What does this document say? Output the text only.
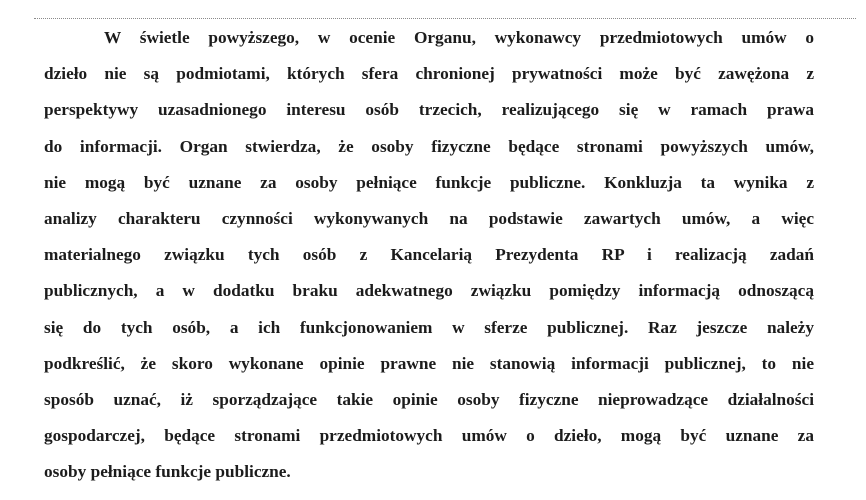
W świetle powyższego, w ocenie Organu, wykonawcy przedmiotowych umów o
dzieło nie są podmiotami, których sfera chronionej prywatności może być zawężona z
perspektywy uzasadnionego interesu osób trzecich, realizującego się w ramach prawa
do informacji. Organ stwierdza, że osoby fizyczne będące stronami powyższych umów,
nie mogą być uznane za osoby pełniące funkcje publiczne. Konkluzja ta wynika z
analizy charakteru czynności wykonywanych na podstawie zawartych umów, a więc
materialnego związku tych osób z Kancelarią Prezydenta RP i realizacją zadań
publicznych, a w dodatku braku adekwatnego związku pomiędzy informacją odnoszącą
się do tych osób, a ich funkcjonowaniem w sferze publicznej. Raz jeszcze należy
podkreślić, że skoro wykonane opinie prawne nie stanowią informacji publicznej, to nie
sposób uznać, iż sporządzające takie opinie osoby fizyczne nieprowadzące działalności
gospodarczej, będące stronami przedmiotowych umów o dzieło, mogą być uznane za
osoby pełniące funkcje publiczne.
